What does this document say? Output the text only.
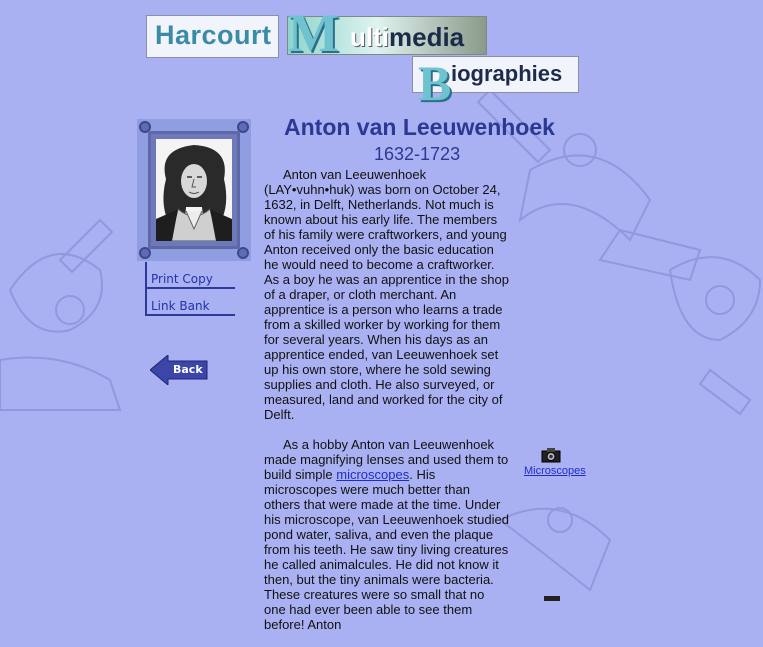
Harcourt	ultimedia
M
iographies
B
Print Copy
Link Bank
Back
Anton van Leeuwenhoek
1632-1723

Anton van Leeuwenhoek (LAY•vuhn•huk) was born on October 24, 1632, in Delft, Netherlands. Not much is known about his early life. The members of his family were craftworkers, and young Anton received only the basic education he would need to become a craftworker. As a boy he was an apprentice in the shop of a draper, or cloth merchant. An apprentice is a person who learns a trade from a skilled worker by working for them for several years. When his days as an apprentice ended, van Leeuwenhoek set up his own store, where he sold sewing supplies and cloth. He also surveyed, or measured, land and worked for the city of Delft.

As a hobby Anton van Leeuwenhoek made magnifying lenses and used them to build simple microscopes. His microscopes were much better than others that were made at the time. Under his microscope, van Leeuwenhoek studied pond water, saliva, and even the plaque from his teeth. He saw tiny living creatures he called animalcules. He did not know it then, but the tiny animals were bacteria. These creatures were so small that no one had ever been able to see them before! Anton

Microscopes
